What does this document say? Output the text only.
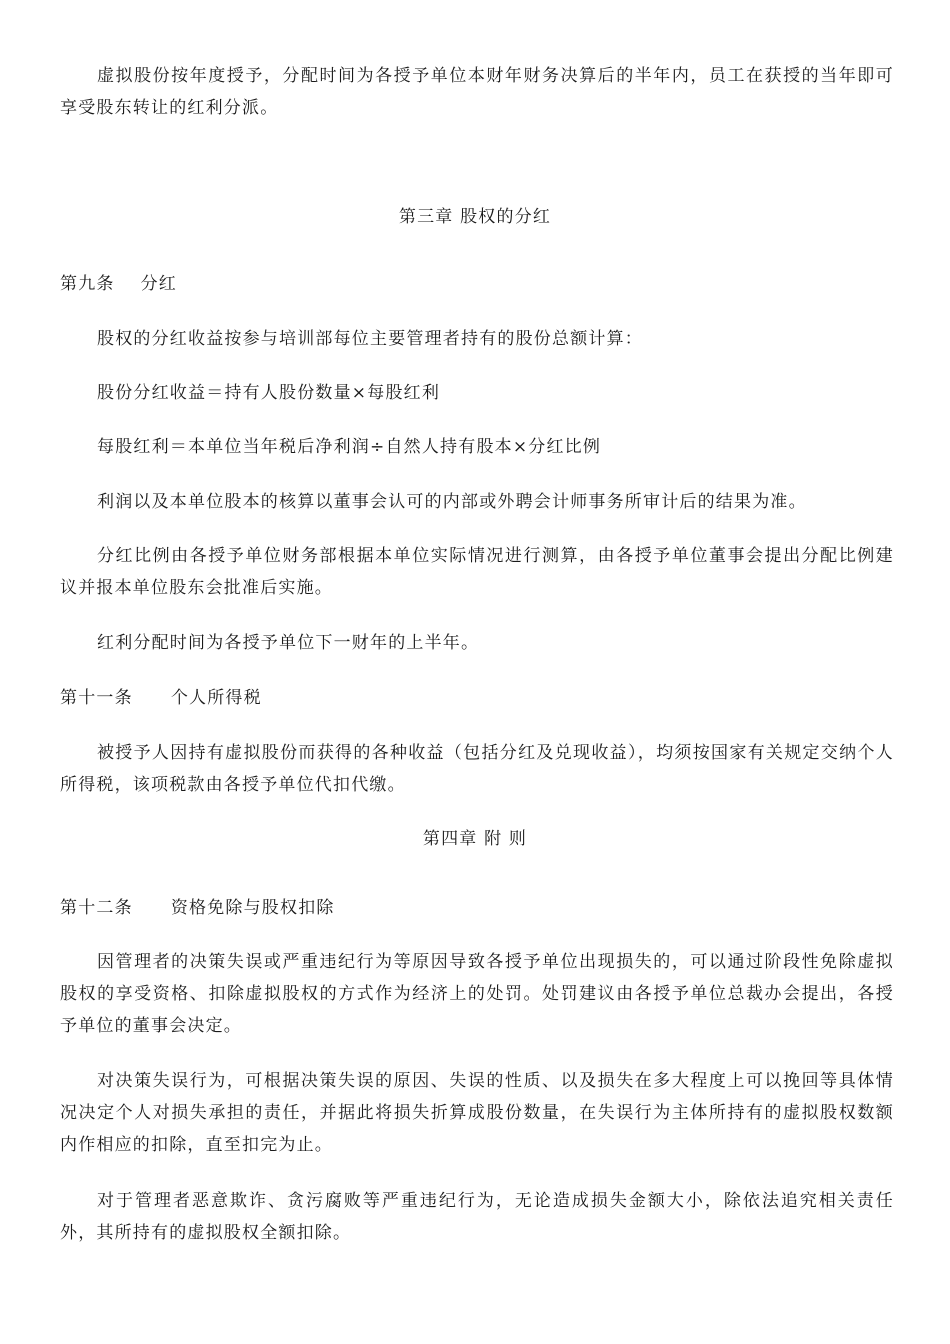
虚拟股份按年度授予，分配时间为各授予单位本财年财务决算后的半年内，员工在获授的当年即可享受股东转让的红利分派。

第三章 股权的分红

第九条 分红

股权的分红收益按参与培训部每位主要管理者持有的股份总额计算：

股份分红收益＝持有人股份数量×每股红利

每股红利＝本单位当年税后净利润÷自然人持有股本×分红比例

利润以及本单位股本的核算以董事会认可的内部或外聘会计师事务所审计后的结果为准。

分红比例由各授予单位财务部根据本单位实际情况进行测算，由各授予单位董事会提出分配比例建议并报本单位股东会批准后实施。

红利分配时间为各授予单位下一财年的上半年。

第十一条 个人所得税

被授予人因持有虚拟股份而获得的各种收益（包括分红及兑现收益），均须按国家有关规定交纳个人所得税，该项税款由各授予单位代扣代缴。

第四章 附 则

第十二条 资格免除与股权扣除

因管理者的决策失误或严重违纪行为等原因导致各授予单位出现损失的，可以通过阶段性免除虚拟股权的享受资格、扣除虚拟股权的方式作为经济上的处罚。处罚建议由各授予单位总裁办会提出，各授予单位的董事会决定。

对决策失误行为，可根据决策失误的原因、失误的性质、以及损失在多大程度上可以挽回等具体情况决定个人对损失承担的责任，并据此将损失折算成股份数量，在失误行为主体所持有的虚拟股权数额内作相应的扣除，直至扣完为止。

对于管理者恶意欺诈、贪污腐败等严重违纪行为，无论造成损失金额大小，除依法追究相关责任外，其所持有的虚拟股权全额扣除。
